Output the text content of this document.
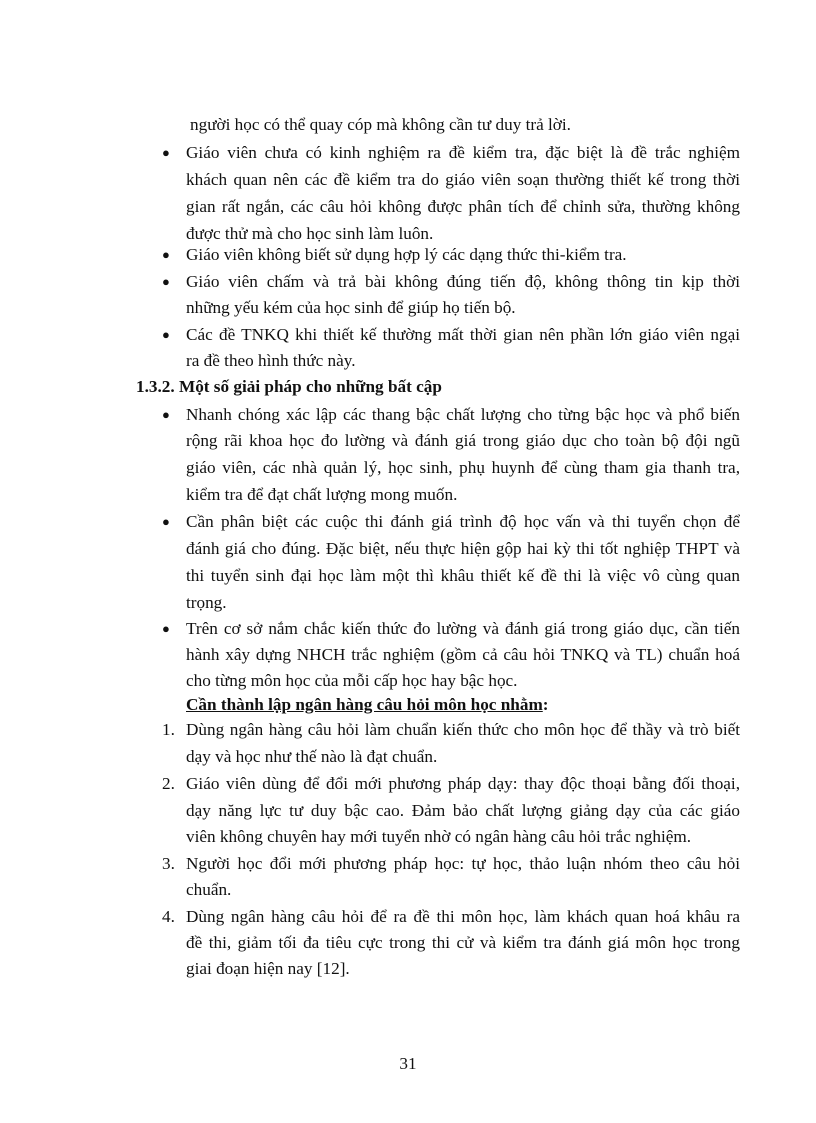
người học có thể quay cóp mà không cần tư duy trả lời.
● Giáo viên chưa có kinh nghiệm ra đề kiểm tra, đặc biệt là đề trắc nghiệm
khách quan nên các đề kiểm tra do giáo viên soạn thường thiết kế trong thời
gian rất ngắn, các câu hỏi không được phân tích để chỉnh sửa, thường không
được thử mà cho học sinh làm luôn.
● Giáo viên không biết sử dụng hợp lý các dạng thức thi-kiểm tra.
● Giáo viên chấm và trả bài không đúng tiến độ, không thông tin kịp thời
những yếu kém của học sinh để giúp họ tiến bộ.
● Các đề TNKQ khi thiết kế thường mất thời gian nên phần lớn giáo viên ngại
ra đề theo hình thức này.
1.3.2. Một số giải pháp cho những bất cập
● Nhanh chóng xác lập các thang bậc chất lượng cho từng bậc học và phổ biến
rộng rãi khoa học đo lường và đánh giá trong giáo dục cho toàn bộ đội ngũ
giáo viên, các nhà quản lý, học sinh, phụ huynh để cùng tham gia thanh tra,
kiểm tra để đạt chất lượng mong muốn.
● Cần phân biệt các cuộc thi đánh giá trình độ học vấn và thi tuyển chọn để
đánh giá cho đúng. Đặc biệt, nếu thực hiện gộp hai kỳ thi tốt nghiệp THPT và
thi tuyển sinh đại học làm một thì khâu thiết kế đề thi là việc vô cùng quan
trọng.
● Trên cơ sở nắm chắc kiến thức đo lường và đánh giá trong giáo dục, cần tiến
hành xây dựng NHCH trắc nghiệm (gồm cả câu hỏi TNKQ và TL) chuẩn hoá
cho từng môn học của mỗi cấp học hay bậc học.
Cần thành lập ngân hàng câu hỏi môn học nhằm:
1. Dùng ngân hàng câu hỏi làm chuẩn kiến thức cho môn học để thầy và trò biết
dạy và học như thế nào là đạt chuẩn.
2. Giáo viên dùng để đổi mới phương pháp dạy: thay độc thoại bằng đối thoại,
dạy năng lực tư duy bậc cao. Đảm bảo chất lượng giảng dạy của các giáo
viên không chuyên hay mới tuyển nhờ có ngân hàng câu hỏi trắc nghiệm.
3. Người học đổi mới phương pháp học: tự học, thảo luận nhóm theo câu hỏi
chuẩn.
4. Dùng ngân hàng câu hỏi để ra đề thi môn học, làm khách quan hoá khâu ra
đề thi, giảm tối đa tiêu cực trong thi cử và kiểm tra đánh giá môn học trong
giai đoạn hiện nay [12].
31
